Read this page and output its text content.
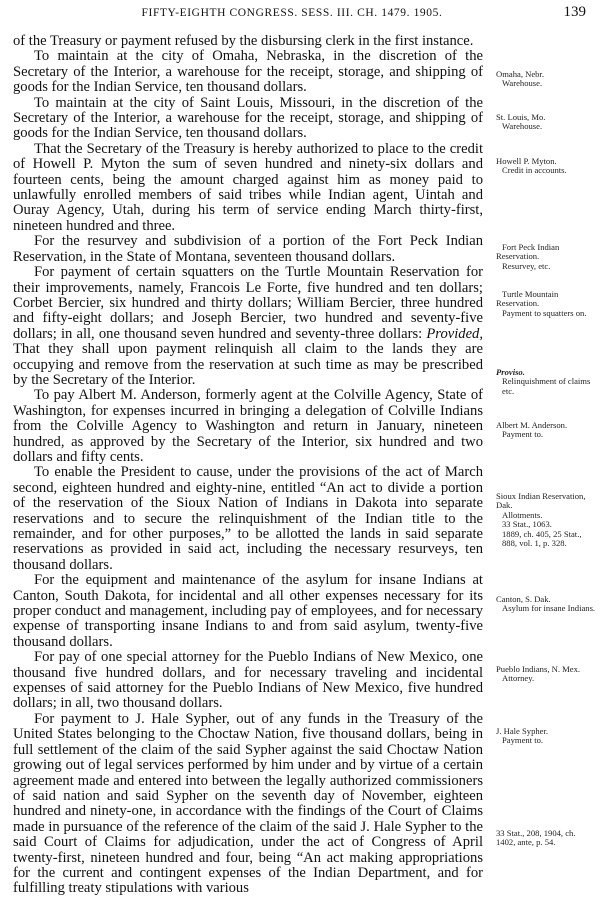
FIFTY-EIGHTH CONGRESS. SESS. III. CH. 1479. 1905.	139

of the Treasury or payment refused by the disbursing clerk in the first instance.

To maintain at the city of Omaha, Nebraska, in the discretion of the Secretary of the Interior, a warehouse for the receipt, storage, and shipping of goods for the Indian Service, ten thousand dollars.

To maintain at the city of Saint Louis, Missouri, in the discretion of the Secretary of the Interior, a warehouse for the receipt, storage, and shipping of goods for the Indian Service, ten thousand dollars.

That the Secretary of the Treasury is hereby authorized to place to the credit of Howell P. Myton the sum of seven hundred and ninety-six dollars and fourteen cents, being the amount charged against him as money paid to unlawfully enrolled members of said tribes while Indian agent, Uintah and Ouray Agency, Utah, during his term of service ending March thirty-first, nineteen hundred and three.

For the resurvey and subdivision of a portion of the Fort Peck Indian Reservation, in the State of Montana, seventeen thousand dollars.

For payment of certain squatters on the Turtle Mountain Reservation for their improvements, namely, Francois Le Forte, five hundred and ten dollars; Corbet Bercier, six hundred and thirty dollars; William Bercier, three hundred and fifty-eight dollars; and Joseph Bercier, two hundred and seventy-five dollars; in all, one thousand seven hundred and seventy-three dollars: Provided, That they shall upon payment relinquish all claim to the lands they are occupying and remove from the reservation at such time as may be prescribed by the Secretary of the Interior.

To pay Albert M. Anderson, formerly agent at the Colville Agency, State of Washington, for expenses incurred in bringing a delegation of Colville Indians from the Colville Agency to Washington and return in January, nineteen hundred, as approved by the Secretary of the Interior, six hundred and two dollars and fifty cents.

To enable the President to cause, under the provisions of the act of March second, eighteen hundred and eighty-nine, entitled “An act to divide a portion of the reservation of the Sioux Nation of Indians in Dakota into separate reservations and to secure the relinquishment of the Indian title to the remainder, and for other purposes,” to be allotted the lands in said separate reservations as provided in said act, including the necessary resurveys, ten thousand dollars.

For the equipment and maintenance of the asylum for insane Indians at Canton, South Dakota, for incidental and all other expenses necessary for its proper conduct and management, including pay of employees, and for necessary expense of transporting insane Indians to and from said asylum, twenty-five thousand dollars.

For pay of one special attorney for the Pueblo Indians of New Mexico, one thousand five hundred dollars, and for necessary traveling and incidental expenses of said attorney for the Pueblo Indians of New Mexico, five hundred dollars; in all, two thousand dollars.

For payment to J. Hale Sypher, out of any funds in the Treasury of the United States belonging to the Choctaw Nation, five thousand dollars, being in full settlement of the claim of the said Sypher against the said Choctaw Nation growing out of legal services performed by him under and by virtue of a certain agreement made and entered into between the legally authorized commissioners of said nation and said Sypher on the seventh day of November, eighteen hundred and ninety-one, in accordance with the findings of the Court of Claims made in pursuance of the reference of the claim of the said J. Hale Sypher to the said Court of Claims for adjudication, under the act of Congress of April twenty-first, nineteen hundred and four, being “An act making appropriations for the current and contingent expenses of the Indian Department, and for fulfilling treaty stipulations with various

Omaha, Nebr.

Warehouse.
St. Louis, Mo.

Warehouse.
Howell P. Myton.

Credit in accounts.
Fort Peck Indian
Reservation.

Resurvey, etc.
Turtle Mountain
Reservation.

Payment to squatters on.
Proviso.

Relinquishment of claims etc.
Albert M. Anderson.

Payment to.
Sioux Indian Reservation, Dak.

Allotments.
33 Stat., 1063.
1889, ch. 405, 25 Stat., 888, vol. 1, p. 328.
Canton, S. Dak.

Asylum for insane Indians.
Pueblo Indians, N. Mex.

Attorney.
J. Hale Sypher.

Payment to.
33 Stat., 208, 1904, ch. 1402, ante, p. 54.
